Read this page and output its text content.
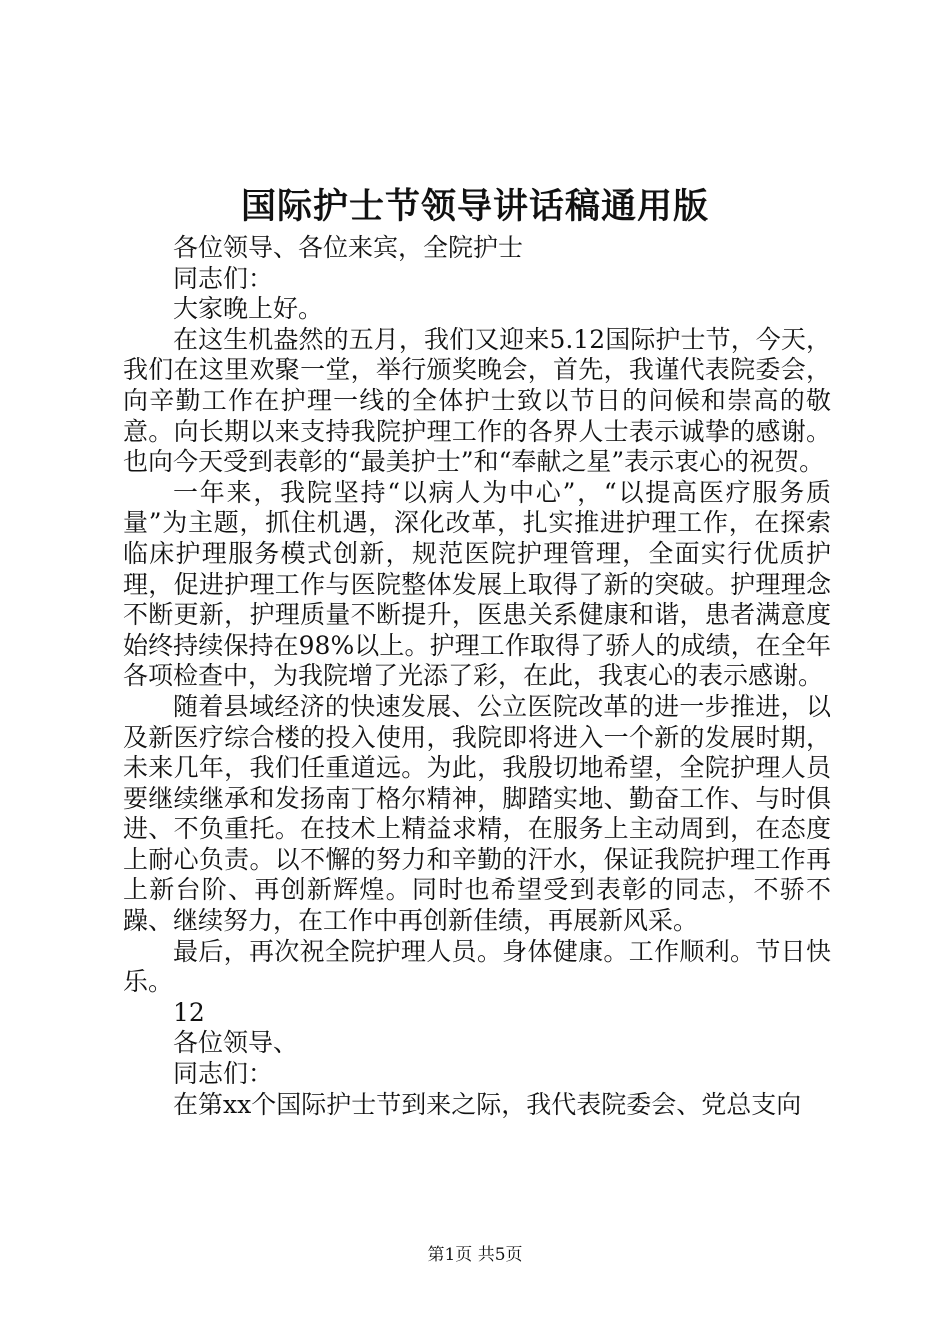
国际护士节领导讲话稿通用版

各位领导、各位来宾，全院护士

同志们：

大家晚上好。

在这生机盎然的五月，我们又迎来5.12国际护士节，今天，我们在这里欢聚一堂，举行颁奖晚会，首先，我谨代表院委会，向辛勤工作在护理一线的全体护士致以节日的问候和崇高的敬意。向长期以来支持我院护理工作的各界人士表示诚挚的感谢。也向今天受到表彰的“最美护士”和“奉献之星”表示衷心的祝贺。

一年来，我院坚持“以病人为中心”，“以提高医疗服务质量”为主题，抓住机遇，深化改革，扎实推进护理工作，在探索临床护理服务模式创新，规范医院护理管理，全面实行优质护理，促进护理工作与医院整体发展上取得了新的突破。护理理念不断更新，护理质量不断提升，医患关系健康和谐，患者满意度始终持续保持在98%以上。护理工作取得了骄人的成绩，在全年各项检查中，为我院增了光添了彩，在此，我衷心的表示感谢。

随着县域经济的快速发展、公立医院改革的进一步推进，以及新医疗综合楼的投入使用，我院即将进入一个新的发展时期，未来几年，我们任重道远。为此，我殷切地希望，全院护理人员要继续继承和发扬南丁格尔精神，脚踏实地、勤奋工作、与时俱进、不负重托。在技术上精益求精，在服务上主动周到，在态度上耐心负责。以不懈的努力和辛勤的汗水，保证我院护理工作再上新台阶、再创新辉煌。同时也希望受到表彰的同志，不骄不躁、继续努力，在工作中再创新佳绩，再展新风采。

最后，再次祝全院护理人员。身体健康。工作顺利。节日快乐。

12

各位领导、

同志们：

在第xx个国际护士节到来之际，我代表院委会、党总支向

第1页 共5页
